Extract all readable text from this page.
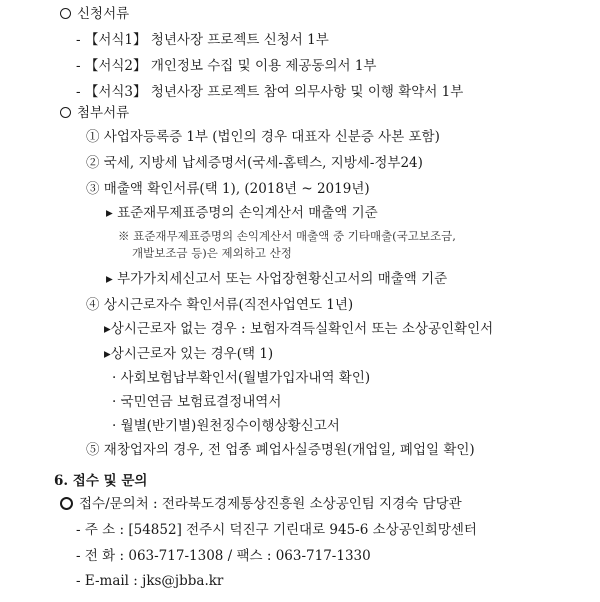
신청서류
- 【서식1】 청년사장 프로젝트 신청서 1부
- 【서식2】 개인정보 수집 및 이용 제공동의서 1부
- 【서식3】 청년사장 프로젝트 참여 의무사항 및 이행 확약서 1부
첨부서류
① 사업자등록증 1부 (법인의 경우 대표자 신분증 사본 포함)
② 국세, 지방세 납세증명서(국세-홈텍스, 지방세-정부24)
③ 매출액 확인서류(택 1), (2018년 ~ 2019년)
▸ 표준재무제표증명의 손익계산서 매출액 기준
※ 표준재무제표증명의 손익계산서 매출액 중 기타매출(국고보조금,
개발보조금 등)은 제외하고 산정
▸ 부가가치세신고서 또는 사업장현황신고서의 매출액 기준
④ 상시근로자수 확인서류(직전사업연도 1년)
▸상시근로자 없는 경우 : 보험자격득실확인서 또는 소상공인확인서
▸상시근로자 있는 경우(택 1)
· 사회보험납부확인서(월별가입자내역 확인)
· 국민연금 보험료결정내역서
· 월별(반기별)원천징수이행상황신고서
⑤ 재창업자의 경우, 전 업종 폐업사실증명원(개업일, 폐업일 확인)
6. 접수 및 문의
접수/문의처 : 전라북도경제통상진흥원 소상공인팀 지경숙 담당관
- 주 소 : [54852] 전주시 덕진구 기린대로 945-6 소상공인희망센터
- 전 화 : 063-717-1308 / 팩스 : 063-717-1330
- E-mail : jks@jbba.kr
